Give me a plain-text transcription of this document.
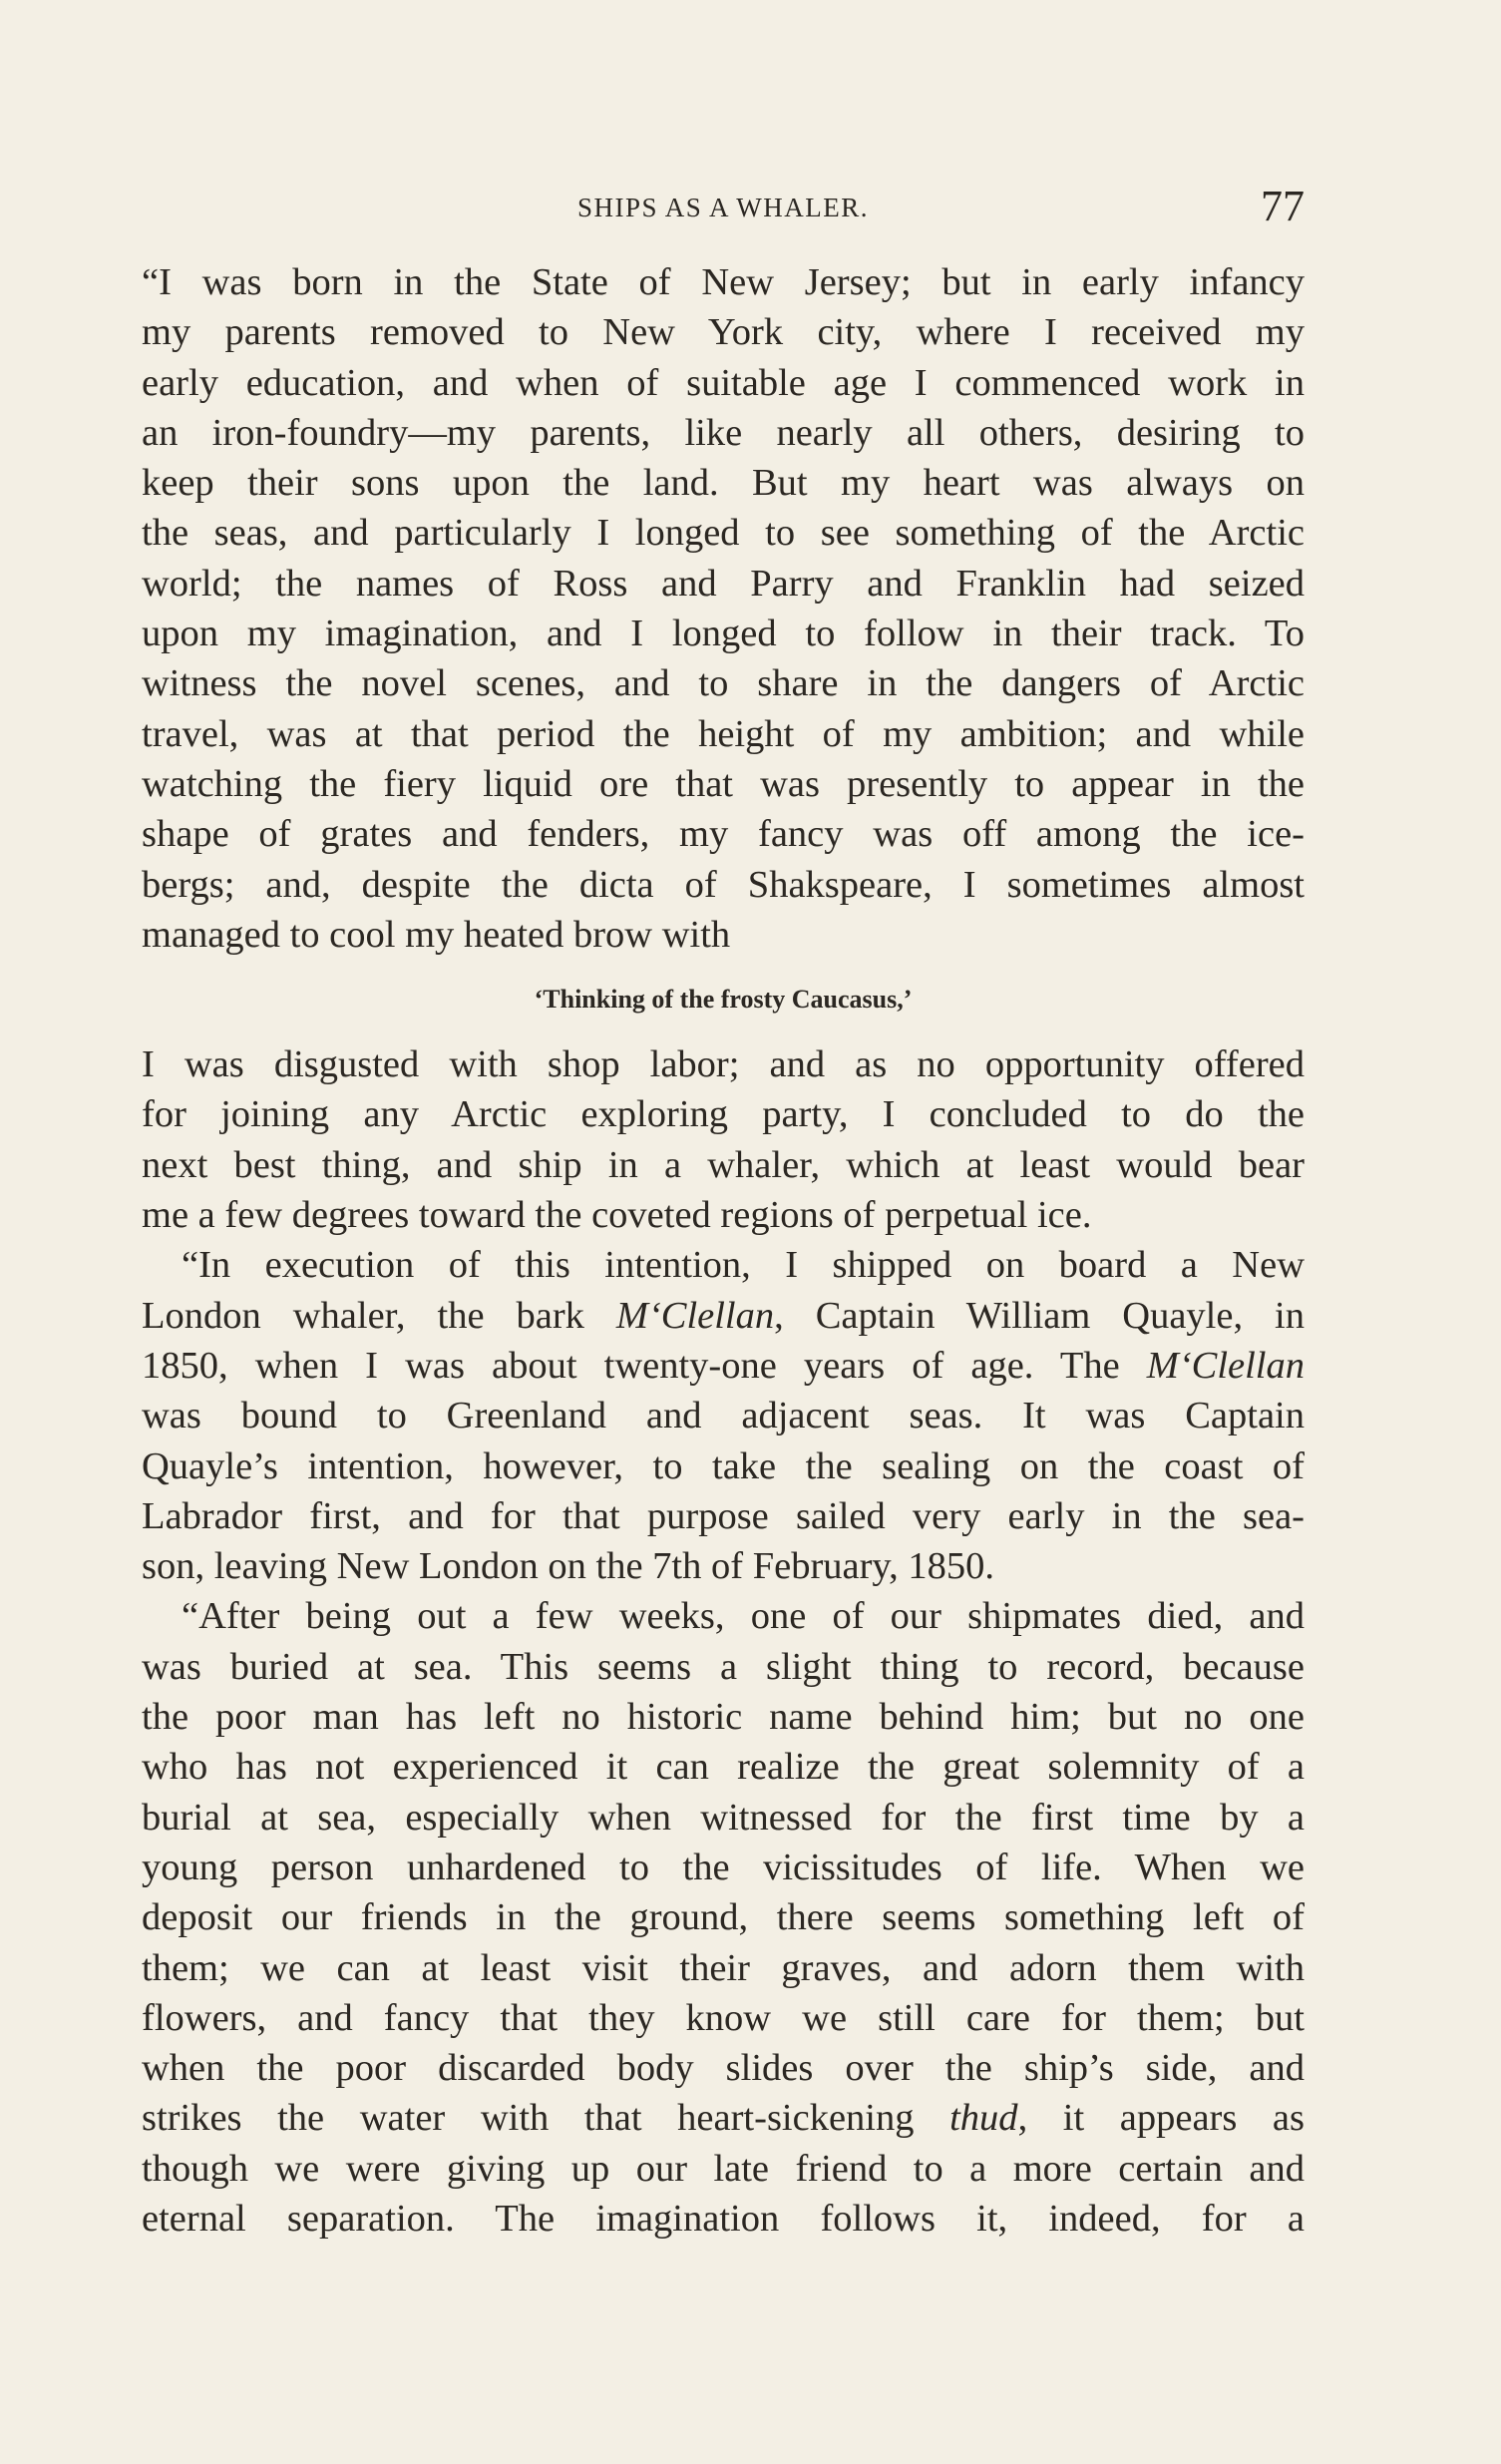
SHIPS AS A WHALER.	77
“I was born in the State of New Jersey; but in early infancy
my parents removed to New York city, where I received my
early education, and when of suitable age I commenced work in
an iron-foundry—my parents, like nearly all others, desiring to
keep their sons upon the land. But my heart was always on
the seas, and particularly I longed to see something of the Arctic
world; the names of Ross and Parry and Franklin had seized
upon my imagination, and I longed to follow in their track. To
witness the novel scenes, and to share in the dangers of Arctic
travel, was at that period the height of my ambition; and while
watching the fiery liquid ore that was presently to appear in the
shape of grates and fenders, my fancy was off among the ice-
bergs; and, despite the dicta of Shakspeare, I sometimes almost
managed to cool my heated brow with
‘Thinking of the frosty Caucasus,’
I was disgusted with shop labor; and as no opportunity offered
for joining any Arctic exploring party, I concluded to do the
next best thing, and ship in a whaler, which at least would bear
me a few degrees toward the coveted regions of perpetual ice.
“In execution of this intention, I shipped on board a New
London whaler, the bark M‘Clellan, Captain William Quayle, in
1850, when I was about twenty-one years of age. The M‘Clellan
was bound to Greenland and adjacent seas. It was Captain
Quayle’s intention, however, to take the sealing on the coast of
Labrador first, and for that purpose sailed very early in the sea-
son, leaving New London on the 7th of February, 1850.
“After being out a few weeks, one of our shipmates died, and
was buried at sea. This seems a slight thing to record, because
the poor man has left no historic name behind him; but no one
who has not experienced it can realize the great solemnity of a
burial at sea, especially when witnessed for the first time by a
young person unhardened to the vicissitudes of life. When we
deposit our friends in the ground, there seems something left of
them; we can at least visit their graves, and adorn them with
flowers, and fancy that they know we still care for them; but
when the poor discarded body slides over the ship’s side, and
strikes the water with that heart-sickening thud, it appears as
though we were giving up our late friend to a more certain and
eternal separation. The imagination follows it, indeed, for a
